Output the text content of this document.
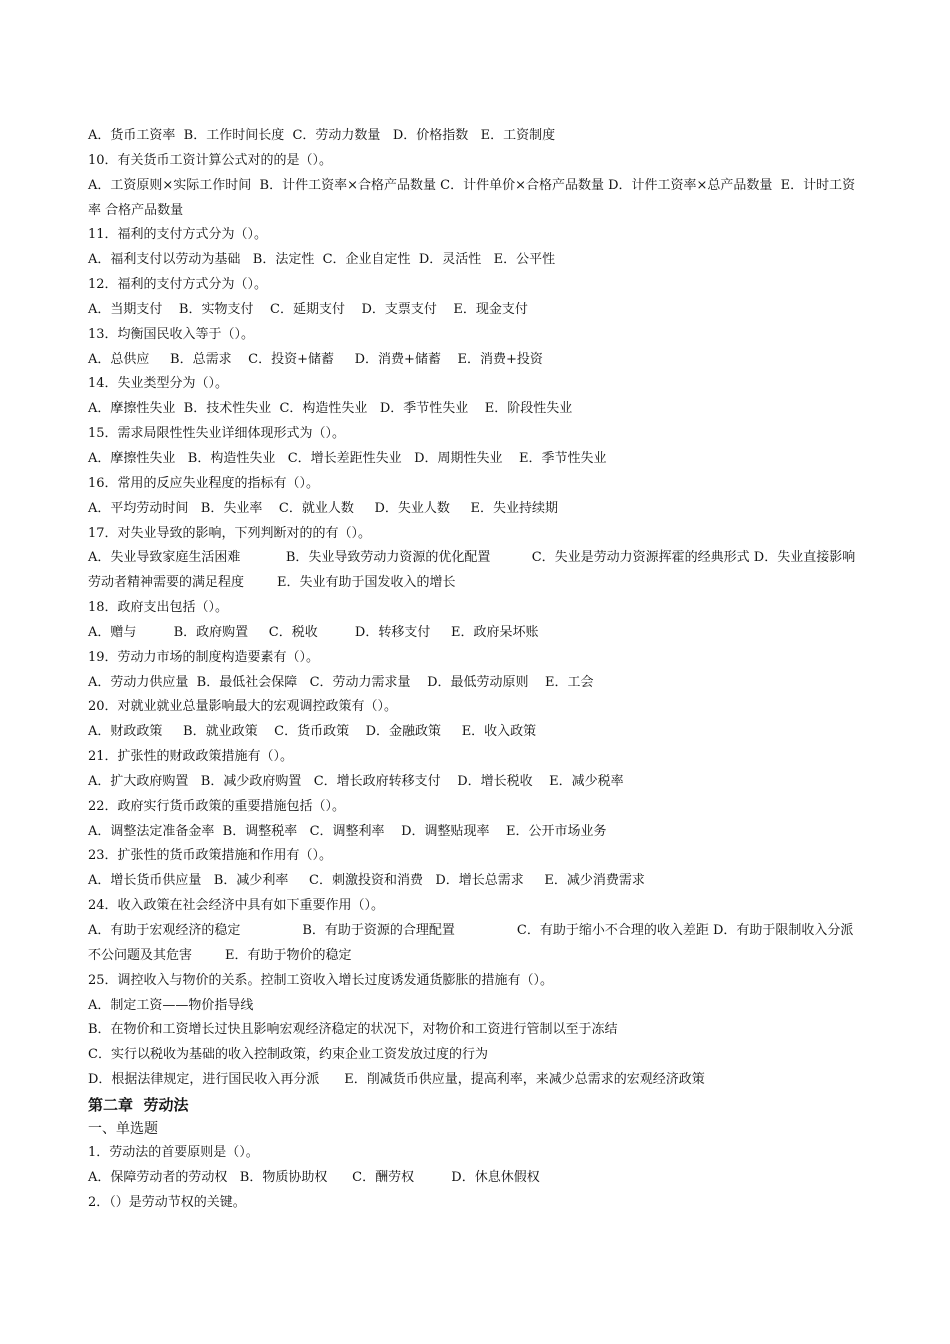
A．货币工资率  B．工作时间长度  C．劳动力数量   D．价格指数   E．工资制度
10．有关货币工资计算公式对的的是（）。
A．工资原则×实际工作时间  B．计件工资率×合格产品数量 C．计件单价×合格产品数量 D．计件工资率×总产品数量  E．计时工资率 合格产品数量
11．福利的支付方式分为（）。
A．福利支付以劳动为基础   B．法定性  C．企业自定性  D．灵活性   E．公平性
12．福利的支付方式分为（）。
A．当期支付    B．实物支付    C．延期支付    D．支票支付    E．现金支付
13．均衡国民收入等于（）。
A．总供应     B．总需求    C．投资+储蓄     D．消费+储蓄    E．消费+投资
14．失业类型分为（）。
A．摩擦性失业  B．技术性失业  C．构造性失业   D．季节性失业    E．阶段性失业
15．需求局限性性失业详细体现形式为（）。
A．摩擦性失业   B．构造性失业   C．增长差距性失业   D．周期性失业    E．季节性失业
16．常用的反应失业程度的指标有（）。
A．平均劳动时间   B．失业率    C．就业人数     D．失业人数     E．失业持续期
17．对失业导致的影响，下列判断对的的有（）。
A．失业导致家庭生活困难           B．失业导致劳动力资源的优化配置          C．失业是劳动力资源挥霍的经典形式 D．失业直接影响劳动者精神需要的满足程度        E．失业有助于国发收入的增长
18．政府支出包括（）。
A．赠与         B．政府购置     C．税收         D．转移支付     E．政府呆坏账
19．劳动力市场的制度构造要素有（）。
A．劳动力供应量  B．最低社会保障   C．劳动力需求量    D．最低劳动原则    E．工会
20．对就业就业总量影响最大的宏观调控政策有（）。
A．财政政策     B．就业政策    C．货币政策    D．金融政策     E．收入政策
21．扩张性的财政政策措施有（）。
A．扩大政府购置   B．减少政府购置   C．增长政府转移支付    D．增长税收    E．减少税率
22．政府实行货币政策的重要措施包括（）。
A．调整法定准备金率  B．调整税率   C．调整利率    D．调整贴现率    E．公开市场业务
23．扩张性的货币政策措施和作用有（）。
A．增长货币供应量   B．减少利率     C．刺激投资和消费   D．增长总需求     E．减少消费需求
24．收入政策在社会经济中具有如下重要作用（）。
A．有助于宏观经济的稳定               B．有助于资源的合理配置               C．有助于缩小不合理的收入差距 D．有助于限制收入分派不公问题及其危害        E．有助于物价的稳定
25．调控收入与物价的关系。控制工资收入增长过度诱发通货膨胀的措施有（）。
A．制定工资——物价指导线
B．在物价和工资增长过快且影响宏观经济稳定的状况下，对物价和工资进行管制以至于冻结
C．实行以税收为基础的收入控制政策，约束企业工资发放过度的行为
D．根据法律规定，进行国民收入再分派      E．削减货币供应量，提高利率，来减少总需求的宏观经济政策
第二章  劳动法
一、单选题
1．劳动法的首要原则是（）。
A．保障劳动者的劳动权   B．物质协助权      C．酬劳权         D．休息休假权
2．（）是劳动节权的关键。
